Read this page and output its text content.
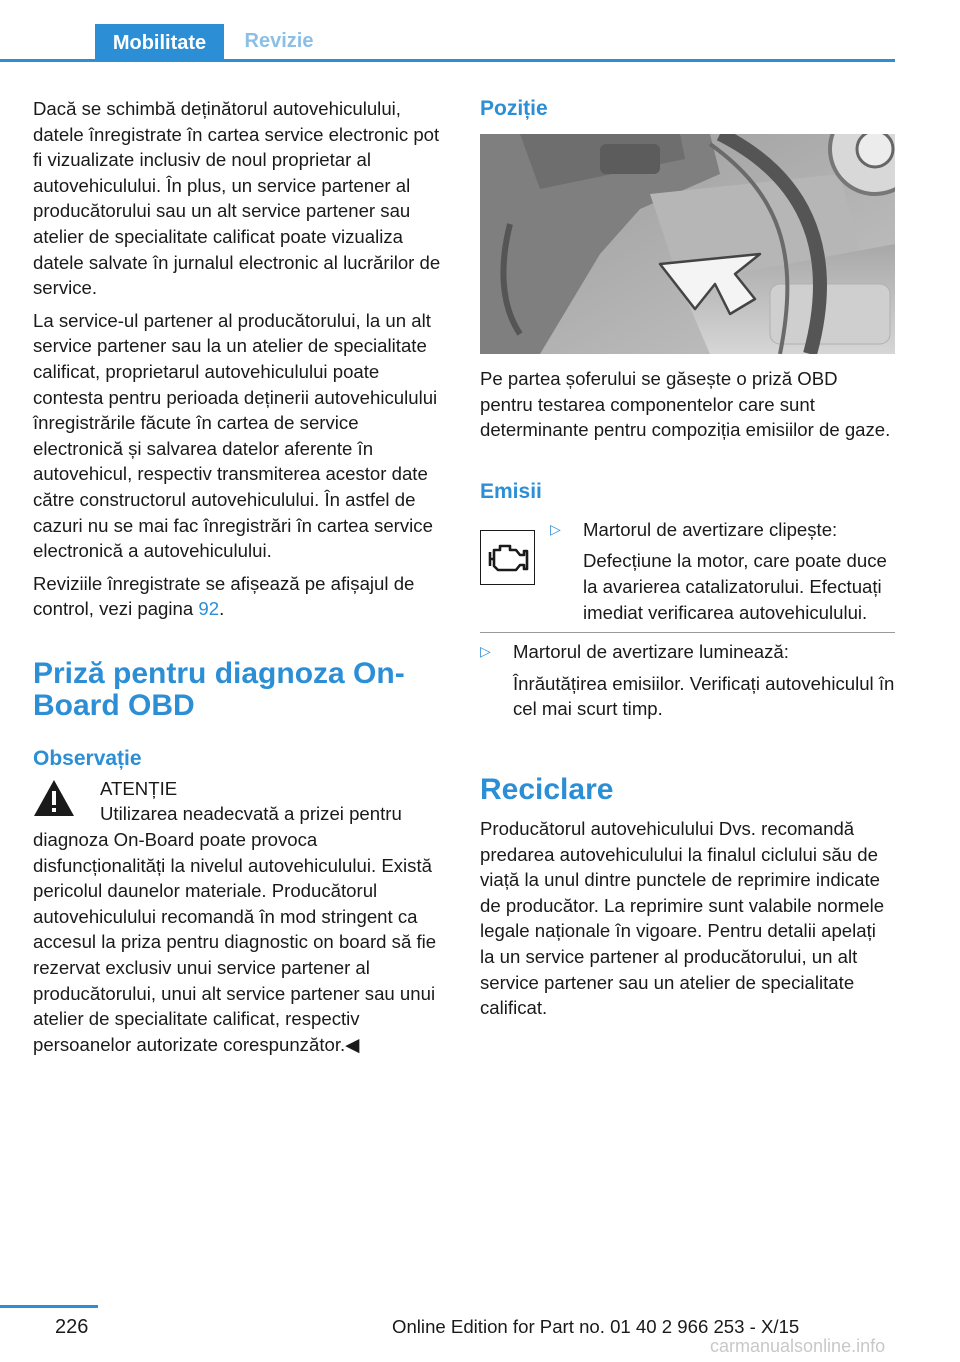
Mobilitate	Revizie

Dacă se schimbă deținătorul autovehiculului, datele înregistrate în cartea service electronic pot fi vizualizate inclusiv de noul proprietar al autovehiculului. În plus, un service partener al producătorului sau un alt service partener sau atelier de specialitate calificat poate vizualiza datele salvate în jurnalul electronic al lucrărilor de service.

La service-ul partener al producătorului, la un alt service partener sau la un atelier de specialitate calificat, proprietarul autovehiculului poate contesta pentru perioada deținerii autovehiculului înregistrările făcute în cartea de service electronică și salvarea datelor aferente în autovehicul, respectiv transmiterea acestor date către constructorul autovehiculului. În astfel de cazuri nu se mai fac înregistrări în cartea service electronică a autovehiculului.

Reviziile înregistrate se afișează pe afișajul de control, vezi pagina 92.

Priză pentru diagnoza On-Board OBD
Observație

ATENȚIE

Utilizarea neadecvată a prizei pentru diagnoza On-Board poate provoca disfuncționalități la nivelul autovehiculului. Există pericolul daunelor materiale. Producătorul autovehiculului recomandă în mod stringent ca accesul la priza pentru diagnostic on board să fie rezervat exclusiv unui service partener al producătorului, unui alt service partener sau unui atelier de specialitate calificat, respectiv persoanelor autorizate corespunzător.◀

Poziție

Pe partea șoferului se găsește o priză OBD pentru testarea componentelor care sunt determinante pentru compoziția emisiilor de gaze.

Emisii
▷ Martorul de avertizare clipește:

Defecțiune la motor, care poate duce la avarierea catalizatorului. Efectuați imediat verificarea autovehiculului.

▷ Martorul de avertizare luminează:

Înrăutățirea emisiilor. Verificați autovehiculul în cel mai scurt timp.

Reciclare

Producătorul autovehiculului Dvs. recomandă predarea autovehiculului la finalul ciclului său de viață la unul dintre punctele de reprimire indicate de producător. La reprimire sunt valabile normele legale naționale în vigoare. Pentru detalii apelați la un service partener al producătorului, un alt service partener sau un atelier de specialitate calificat.

226	Online Edition for Part no. 01 40 2 966 253 - X/15
carmanualsonline.info
